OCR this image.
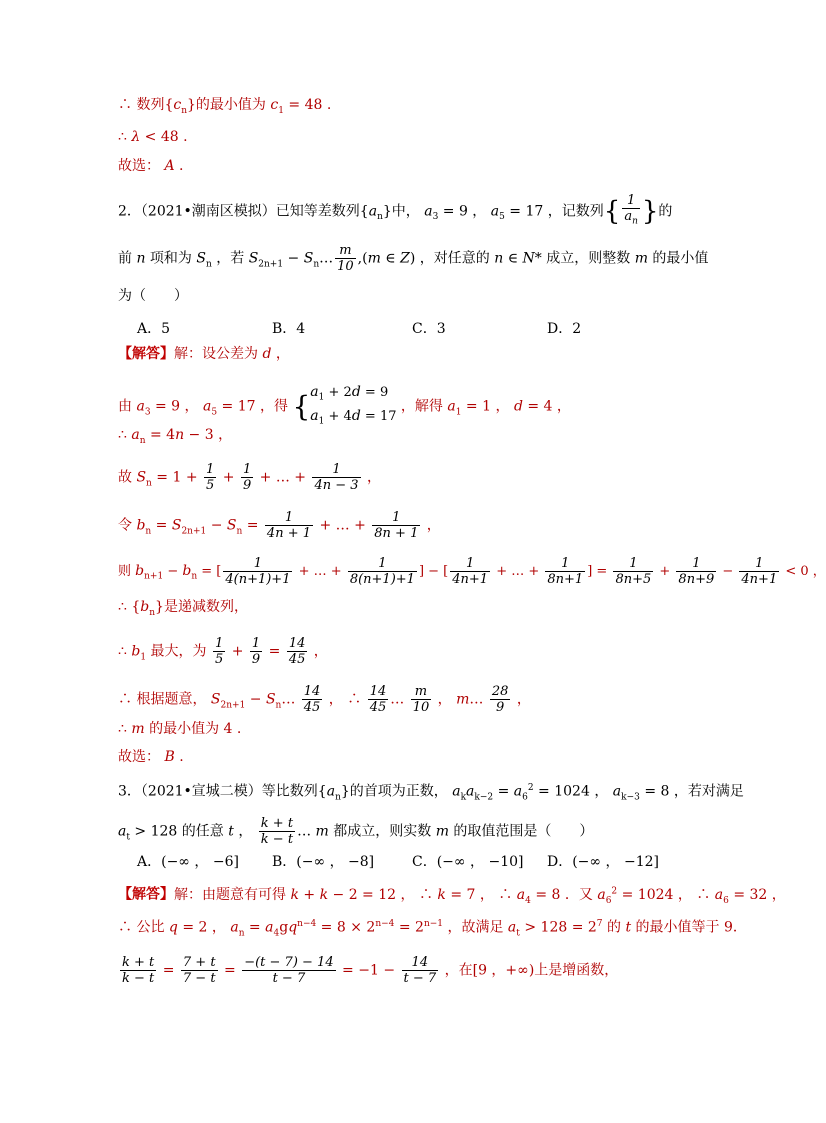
∴ 数列$\{c_n\}$的最小值为 $c_1 = 48$ .
∴ λ < 48 .
故选： A .
2．（2021•潮南区模拟）已知等差数列$\{a_n\}$中， $a_3 = 9$ ， $a_5 = 17$ ，记数列{ $\frac{1}{a_n}$ }的
前 n 项和为 $S_n$ ，若 $S_{2n+1}$ − $S_n\dots \frac{m}{10} ,(m$ ∈ Z) ，对任意的 n ∈ N* 成立，则整数 m 的最小值
为（　　）
A．5	B．4	C．3	D．2
【解答】解：设公差为 d ，
由 $a_3 = 9$ ， $a_5 = 17$ ，得 {$a_1 + 2d = 9$
$a_1 + 4d = 17$ ，解得 $a_1 = 1$ ， d = 4 ，
∴ $a_n = 4n - 3$ ，
故 $S_n = 1 + \frac{1}{5} + \frac{1}{9}$ + … + $\frac{1}{4n - 3}$ ，
令 $b_n = S_{2n+1} - S_n = \frac{1}{4n + 1}$ + … + $\frac{1}{8n + 1}$ ，
则 $b_{n+1} - b_n$ = [ $\frac{1}{4(n+1)+1}$ + … + $\frac{1}{8(n+1)+1}$ ] − [ $\frac{1}{4n+1}$ + … + $\frac{1}{8n+1}$ ] = $\frac{1}{8n+5} + \frac{1}{8n+9} - \frac{1}{4n+1} < 0$ ，
∴ $\{b_n\}$是递减数列，
∴ $b_1$ 最大，为 $\frac{1}{5} + \frac{1}{9} = \frac{14}{45}$ ，
∴ 根据题意， $S_{2n+1}$ − $S_n\dots \frac{14}{45}$ ， ∴ $\frac{14}{45}$ … $\frac{m}{10}$ ， m… $\frac{28}{9}$ ，
∴ m 的最小值为 4 .
故选： B .
3．（2021•宣城二模）等比数列$\{a_n\}$的首项为正数， $a_ka_{k-2} = a_6^2 = 1024$ ， $a_{k-3} = 8$ ，若对满足
$a_t > 128$ 的任意 t ， $\frac{k + t}{k - t}$ … m 都成立，则实数 m 的取值范围是（　　）
A．(−∞ ， −6] B．(−∞ ， −8]	C．(−∞ ， −10] D．(−∞ ， −12]
【解答】解：由题意有可得 k + k − 2 = 12 ， ∴ k = 7 ， ∴ $a_4 = 8$ ．又 $a_6^2 = 1024$ ， ∴ $a_6 = 32$ ，
∴ 公比 q = 2 ， $a_n = a_4gq^{n-4} = 8 \times 2^{n-4} = 2^{n-1}$ ，故满足 $a_t > 128 = 2^7$ 的 t 的最小值等于 9．
$\frac{k + t}{k - t} = \frac{7 + t}{7 - t} = \frac{-(t - 7) - 14}{t - 7} = -1 - \frac{14}{t - 7}$ ，在[9 ，+∞)上是增函数，
